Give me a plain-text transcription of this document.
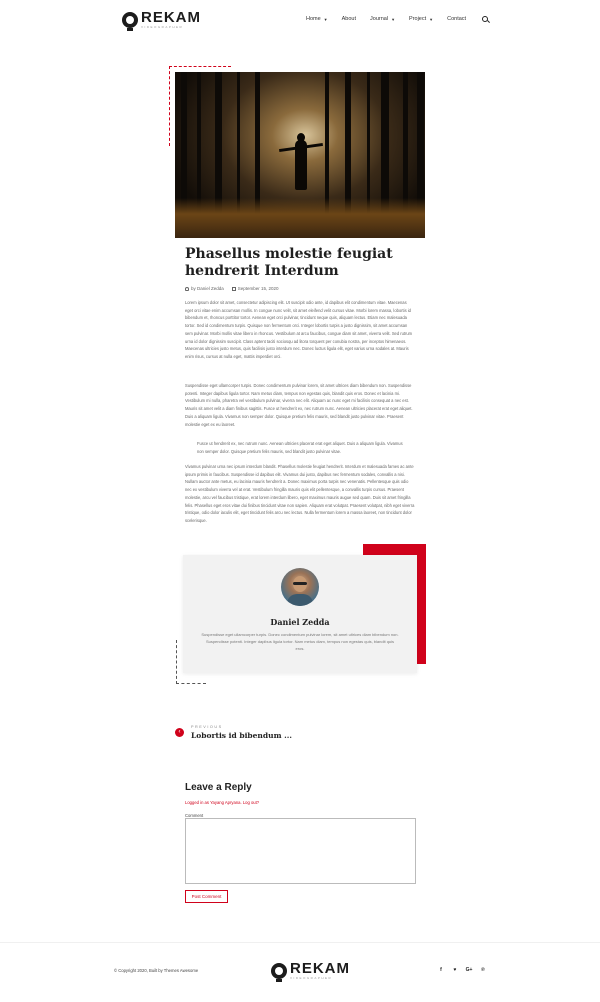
REKAM
VIDEOGRAPHER
Home ▼	About	Journal ▼	Project ▼	Contact
Phasellus molestie feugiat hendrerit Interdum
by Daniel Zedda	September 15, 2020

Lorem ipsum dolor sit amet, consectetur adipiscing elit. Ut suscipit odio ante, id dapibus elit condimentum vitae. Maecenas eget orci vitae enim accumsan mollis. In congue nunc velit, sit amet eleifend velit cursus vitae. Morbi lorem massa, lobortis id bibendum et, rhoncus porttitor tortor. Aenean eget orci pulvinar, tincidunt neque quis, aliquam lectus. Etiam nec malesuada tortor. Sed id condimentum turpis. Quisque non fermentum orci. Integer lobortis turpis a justo dignissim, sit amet accumsan sem pulvinar. Morbi mollis vitae libero in rhoncus. Vestibulum at arcu faucibus, congue diam sit amet, viverra velit. Sed rutrum urna id dolor dignissim suscipit. Class aptent taciti sociosqu ad litora torquent per conubia nostra, per inceptos himenaeos. Maecenas ultricies justo metus, quis facilisis justo interdum nec. Donec luctus ligula elit, eget varius urna sodales at. Mauris enim risus, cursus at nulla eget, mattis imperdiet orci.

Suspendisse eget ullamcorper turpis. Donec condimentum pulvinar lorem, sit amet ultrices diam bibendum non. Suspendisse potenti. Integer dapibus ligula tortor. Nam metus diam, tempus non egestas quis, blandit quis eros. Donec et lacinia mi. Vestibulum mi nulla, pharetra vel vestibulum pulvinar, viverra nec elit. Aliquam ac nunc eget mi facilisis consequat a nec est. Mauris sit amet velit a diam finibus sagittis. Fusce ut hendrerit ex, nec rutrum nunc. Aenean ultricies placerat erat eget aliquet. Duis a aliquam ligula. Vivamus non semper dolor. Quisque pretium felis mauris, sed blandit justo pulvinar vitae. Praesent molestie eget ex eu laoreet.

Fusce ut hendrerit ex, nec rutrum nunc. Aenean ultricies placerat erat eget aliquet. Duis a aliquam ligula. Vivamus non semper dolor. Quisque pretium felis mauris, sed blandit justo pulvinar vitae.

Vivamus pulvinar urna nec ipsum interdum blandit. Phasellus molestie feugiat hendrerit. Interdum et malesuada fames ac ante ipsum primis in faucibus. Suspendisse id dapibus elit. Vivamus dui justo, dapibus nec fermentum sodales, convallis a nisi. Nullam auctor ante metus, eu lacinia mauris hendrerit a. Donec maximus porta turpis nec venenatis. Pellentesque quis odio nec ex vestibulum viverra vel at erat. Vestibulum fringilla mauris quis elit pellentesque, a convallis turpis cursus. Praesent molestie, arcu vel faucibus tristique, erat lorem interdum libero, eget maximus mauris augue sed quam. Duis sit amet fringilla felis. Phasellus eget eros vitae dui finibus tincidunt vitae non sapien. Aliquam erat volutpat. Praesent volutpat, nibh eget viverra tristique, odio dolor iaculis elit, eget tincidunt felis arcu nec lectus. Nulla fermentum lorem a massa laoreet, non tincidunt dolor scelerisque.

Daniel Zedda
Suspendisse eget ullamcorper turpis. Donec condimentum pulvinar lorem, sit amet ultrices diam bibendum non. Suspendisse potenti. Integer dapibus ligula tortor. Nam metus diam, tempus non egestas quis, blandit quis eros.
‹
PREVIOUS
Lobortis id bibendum ...
Leave a Reply
Logged in as Yayang Apryana. Log out?
Comment
Post Comment
© Copyright 2020, Built by Themes Awesome	REKAM
VIDEOGRAPHER
f	♥	G+	℗
